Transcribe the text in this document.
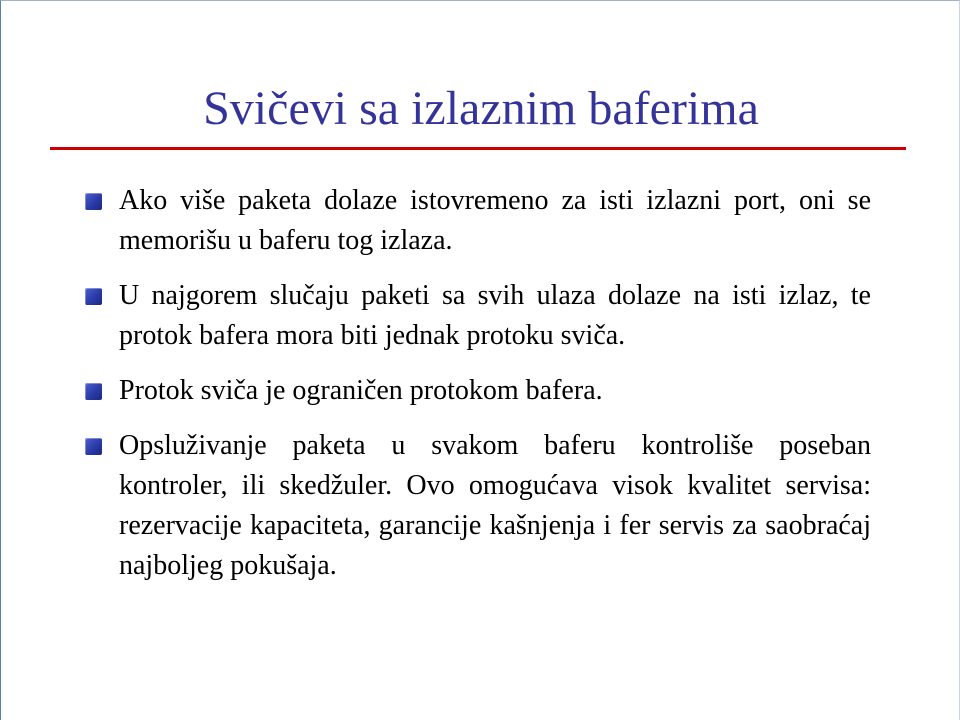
Svičevi sa izlaznim baferima
Ako više paketa dolaze istovremeno za isti izlazni port, oni se memorišu u baferu tog izlaza.
U najgorem slučaju paketi sa svih ulaza dolaze na isti izlaz, te protok bafera mora biti jednak protoku sviča.
Protok sviča je ograničen protokom bafera.
Opsluživanje paketa u svakom baferu kontroliše poseban kontroler, ili skedžuler. Ovo omogućava visok kvalitet servisa: rezervacije kapaciteta, garancije kašnjenja i fer servis za saobraćaj najboljeg pokušaja.
